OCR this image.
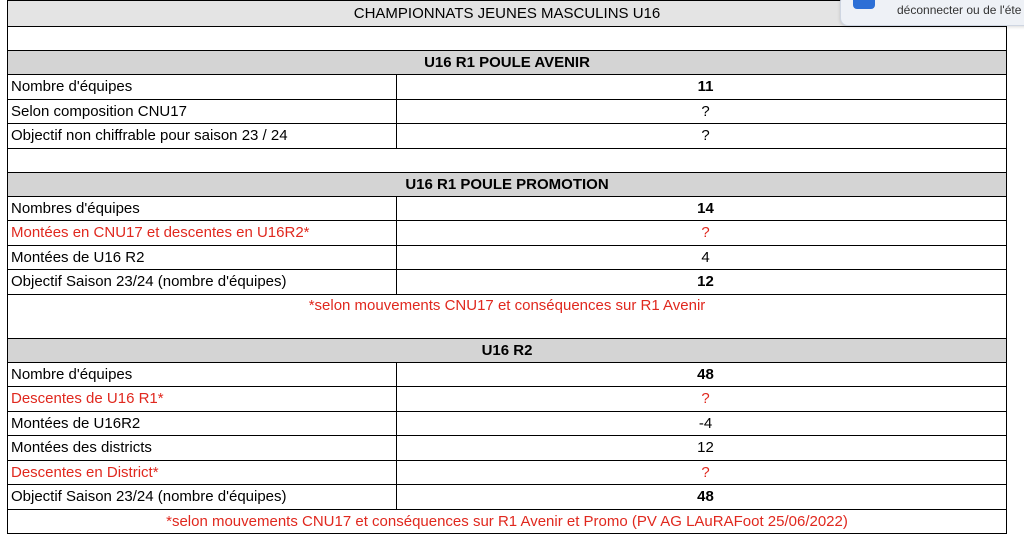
CHAMPIONNATS JEUNES MASCULINS U16
U16 R1 POULE AVENIR
Nombre d'équipes	11
Selon composition CNU17	?
Objectif non chiffrable pour saison 23 / 24	?
U16 R1 POULE PROMOTION
Nombres d'équipes	14
Montées en CNU17 et descentes en U16R2*	?
Montées de U16 R2	4
Objectif Saison 23/24 (nombre d'équipes)	12
*selon mouvements CNU17 et conséquences sur R1 Avenir
U16 R2
Nombre d'équipes	48
Descentes de U16 R1*	?
Montées de U16R2	-4
Montées des districts	12
Descentes en District*	?
Objectif Saison 23/24 (nombre d'équipes)	48
*selon mouvements CNU17 et conséquences sur R1 Avenir et Promo (PV AG LAuRAFoot 25/06/2022)
déconnecter ou de l'éte
